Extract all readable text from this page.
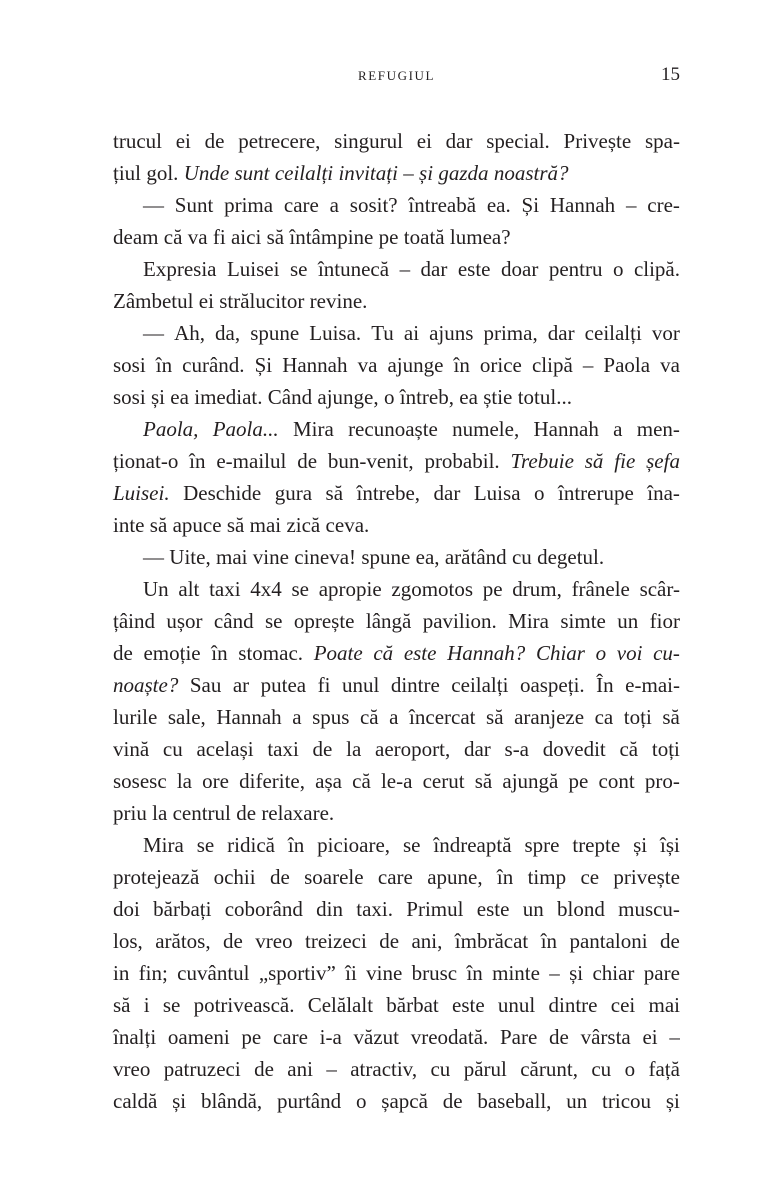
REFUGIUL	15
trucul ei de petrecere, singurul ei dar special. Privește spa-
țiul gol. Unde sunt ceilalți invitați – și gazda noastră?
— Sunt prima care a sosit? întreabă ea. Și Hannah – cre-
deam că va fi aici să întâmpine pe toată lumea?
Expresia Luisei se întunecă – dar este doar pentru o clipă.
Zâmbetul ei strălucitor revine.
— Ah, da, spune Luisa. Tu ai ajuns prima, dar ceilalți vor
sosi în curând. Și Hannah va ajunge în orice clipă – Paola va
sosi și ea imediat. Când ajunge, o întreb, ea știe totul...
Paola, Paola... Mira recunoaște numele, Hannah a men-
ționat-o în e-mailul de bun-venit, probabil. Trebuie să fie șefa
Luisei. Deschide gura să întrebe, dar Luisa o întrerupe îna-
inte să apuce să mai zică ceva.
— Uite, mai vine cineva! spune ea, arătând cu degetul.
Un alt taxi 4x4 se apropie zgomotos pe drum, frânele scâr-
țâind ușor când se oprește lângă pavilion. Mira simte un fior
de emoție în stomac. Poate că este Hannah? Chiar o voi cu-
noaște? Sau ar putea fi unul dintre ceilalți oaspeți. În e-mai-
lurile sale, Hannah a spus că a încercat să aranjeze ca toți să
vină cu același taxi de la aeroport, dar s-a dovedit că toți
sosesc la ore diferite, așa că le-a cerut să ajungă pe cont pro-
priu la centrul de relaxare.
Mira se ridică în picioare, se îndreaptă spre trepte și își
protejează ochii de soarele care apune, în timp ce privește
doi bărbați coborând din taxi. Primul este un blond muscu-
los, arătos, de vreo treizeci de ani, îmbrăcat în pantaloni de
in fin; cuvântul „sportiv” îi vine brusc în minte – și chiar pare
să i se potrivească. Celălalt bărbat este unul dintre cei mai
înalți oameni pe care i-a văzut vreodată. Pare de vârsta ei –
vreo patruzeci de ani – atractiv, cu părul cărunt, cu o față
caldă și blândă, purtând o șapcă de baseball, un tricou și
